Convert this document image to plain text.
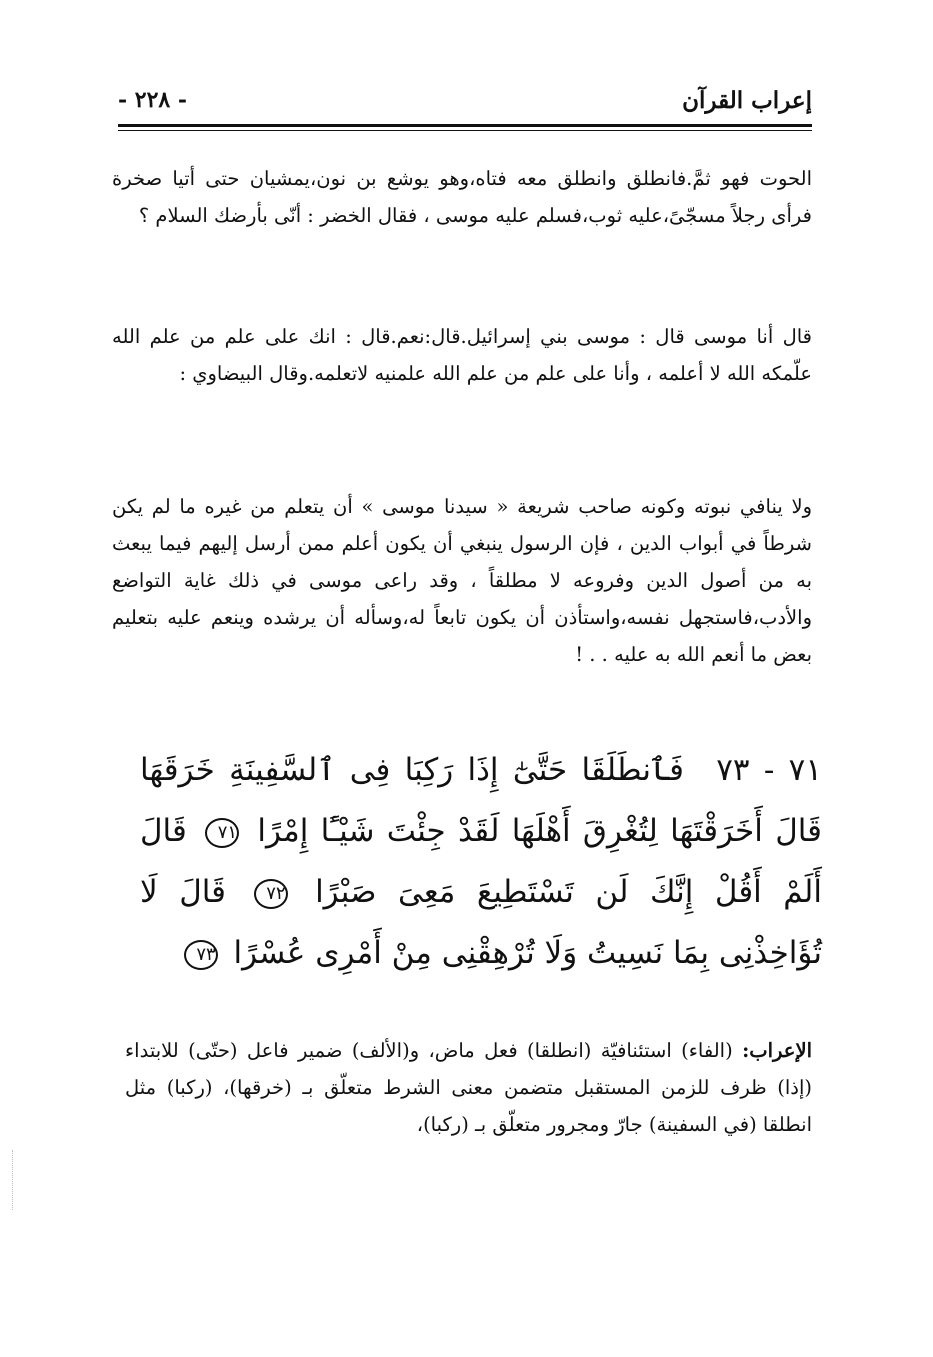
إعراب القرآن
- ٢٢٨ -

الحوت فهو ثمَّ.فانطلق وانطلق معه فتاه،وهو يوشع بن نون،يمشيان حتى أتيا صخرة فرأى رجلاً مسجّىً،عليه ثوب،فسلم عليه موسى ، فقال الخضر : أنّى بأرضك السلام ؟

قال أنا موسى قال : موسى بني إسرائيل.قال:نعم.قال : انك على علم من علم الله علّمكه الله لا أعلمه ، وأنا على علم من علم الله علمنيه لاتعلمه.وقال البيضاوي :

ولا ينافي نبوته وكونه صاحب شريعة « سيدنا موسى » أن يتعلم من غيره ما لم يكن شرطاً في أبواب الدين ، فإن الرسول ينبغي أن يكون أعلم ممن أرسل إليهم فيما يبعث به من أصول الدين وفروعه لا مطلقاً ، وقد راعى موسى في ذلك غاية التواضع والأدب،فاستجهل نفسه،واستأذن أن يكون تابعاً له،وسأله أن يرشده وينعم عليه بتعليم بعض ما أنعم الله به عليه . . !

٧١ - ٧٣ فَٱنطَلَقَا حَتَّىٰٓ إِذَا رَكِبَا فِى ٱلسَّفِينَةِ خَرَقَهَا قَالَ أَخَرَقْتَهَا لِتُغْرِقَ أَهْلَهَا لَقَدْ جِئْتَ شَيْـًٔا إِمْرًا ٧١ قَالَ أَلَمْ أَقُلْ إِنَّكَ لَن تَسْتَطِيعَ مَعِىَ صَبْرًا ٧٢ قَالَ لَا تُؤَاخِذْنِى بِمَا نَسِيتُ وَلَا تُرْهِقْنِى مِنْ أَمْرِى عُسْرًا ٧٣

الإعراب: (الفاء) استئنافيّة (انطلقا) فعل ماض، و(الألف) ضمير فاعل (حتّى) للابتداء (إذا) ظرف للزمن المستقبل متضمن معنى الشرط متعلّق بـ (خرقها)، (ركبا) مثل انطلقا (في السفينة) جارّ ومجرور متعلّق بـ (ركبا)،
